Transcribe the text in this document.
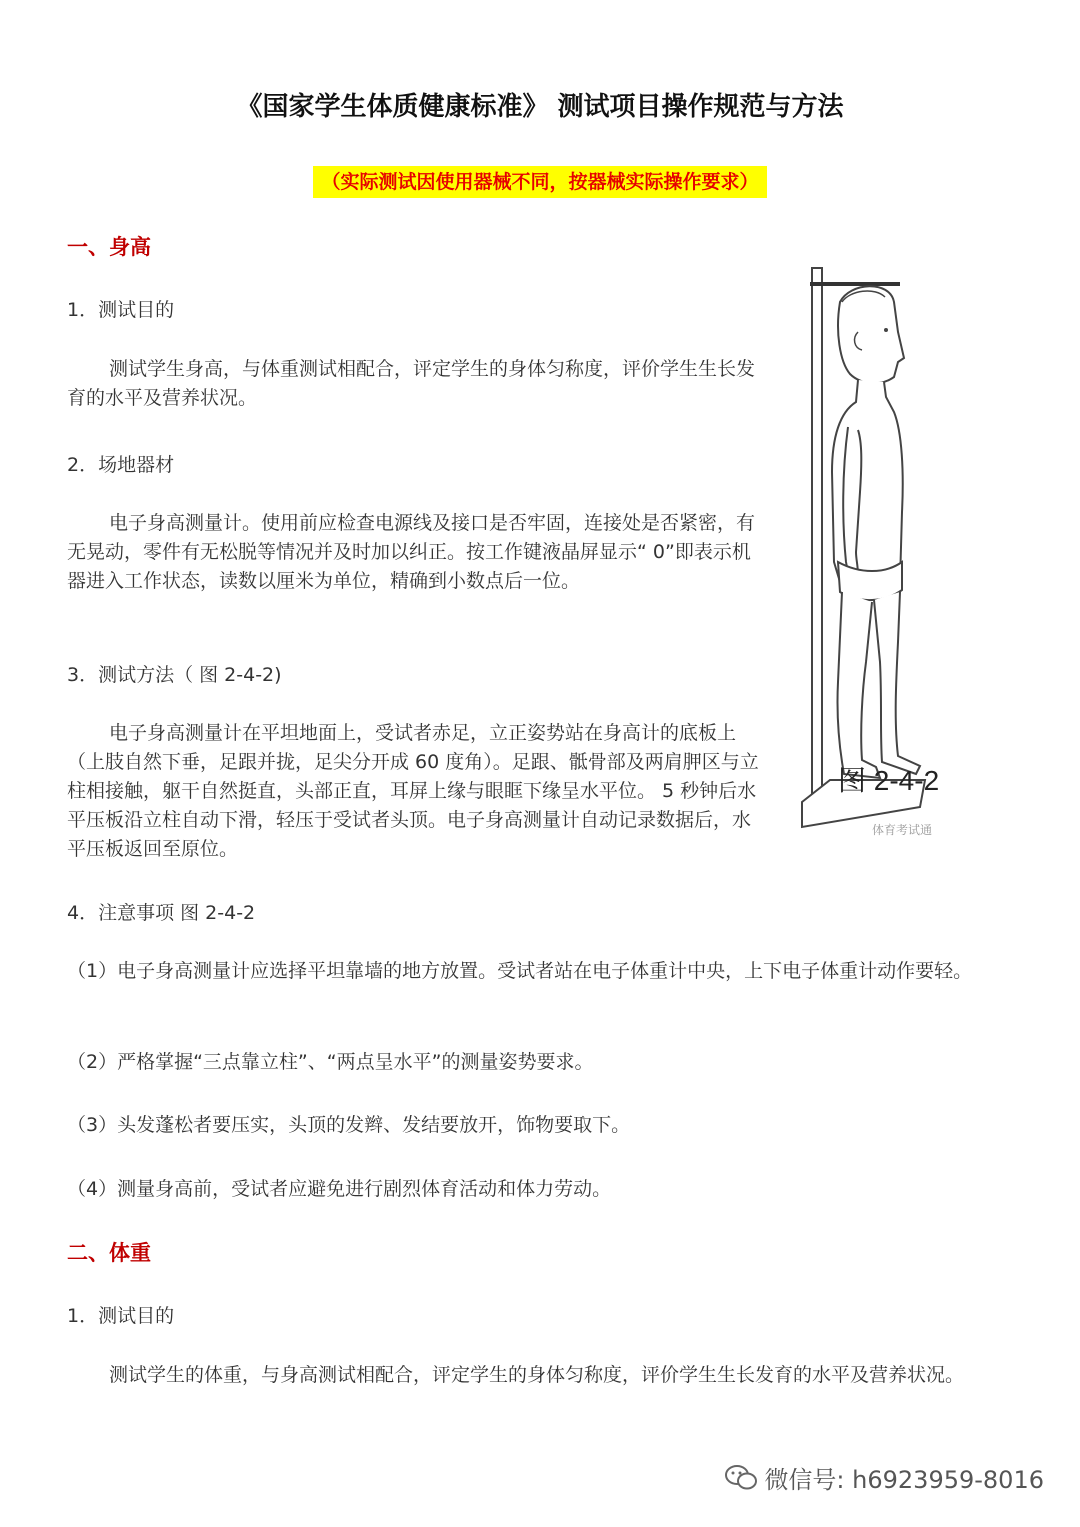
《国家学生体质健康标准》 测试项目操作规范与方法
（实际测试因使用器械不同，按器械实际操作要求）
一、身高
1．测试目的
测试学生身高，与体重测试相配合，评定学生的身体匀称度，评价学生生长发育的水平及营养状况。
2．场地器材
电子身高测量计。使用前应检查电源线及接口是否牢固，连接处是否紧密，有无晃动，零件有无松脱等情况并及时加以纠正。按工作键液晶屏显示“ 0”即表示机器进入工作状态，读数以厘米为单位，精确到小数点后一位。
3．测试方法（ 图 2-4-2)
电子身高测量计在平坦地面上，受试者赤足，立正姿势站在身高计的底板上（上肢自然下垂，足跟并拢，足尖分开成 60 度角）。足跟、骶骨部及两肩胛区与立柱相接触，躯干自然挺直，头部正直，耳屏上缘与眼眶下缘呈水平位。 5 秒钟后水平压板沿立柱自动下滑，轻压于受试者头顶。电子身高测量计自动记录数据后，水平压板返回至原位。
4．注意事项 图 2-4-2
（1）电子身高测量计应选择平坦靠墙的地方放置。受试者站在电子体重计中央，上下电子体重计动作要轻。
（2）严格掌握“三点靠立柱”、“两点呈水平”的测量姿势要求。
（3）头发蓬松者要压实，头顶的发辫、发结要放开，饰物要取下。
（4）测量身高前，受试者应避免进行剧烈体育活动和体力劳动。
二、体重
1．测试目的
测试学生的体重，与身高测试相配合，评定学生的身体匀称度，评价学生生长发育的水平及营养状况。
图 2-4-2
体育考试通
微信号: h6923959-8016
